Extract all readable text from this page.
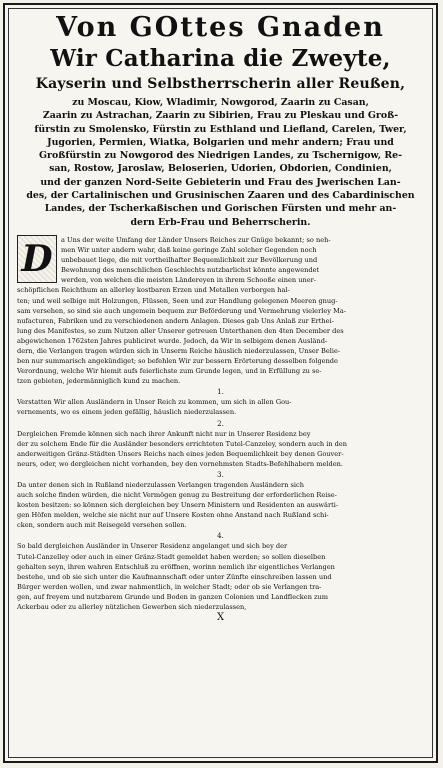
Von GOttes Gnaden
Wir Catharina die Zweyte,
Kayserin und Selbstherrscherin aller Reußen,
zu Moscau, Kiow, Wladimir, Nowgorod, Zaarin zu Casan,
Zaarin zu Astrachan, Zaarin zu Sibirien, Frau zu Pleskau und Groß-
fürstin zu Smolensko, Fürstin zu Esthland und Liefland, Carelen, Twer,
Jugorien, Permien, Wiatka, Bolgarien und mehr andern; Frau und
Großfürstin zu Nowgorod des Niedrigen Landes, zu Tschernigow, Re-
san, Rostow, Jaroslaw, Beloserien, Udorien, Obdorien, Condinien,
und der ganzen Nord-Seite Gebieterin und Frau des Jwerischen Lan-
des, der Cartalinischen und Grusinischen Zaaren und des Cabardinischen
Landes, der Tscherkaßischen und Gorischen Fürsten und mehr an-
dern Erb-Frau und Beherrscherin.
D	a Uns der weite Umfang der Länder Unsers Reiches zur Gnüge bekannt; so neh-
men Wir unter andern wahr, daß keine geringe Zahl solcher Gegenden noch
unbebauet liege, die mit vortheilhafter Bequemlichkeit zur Bevölkerung und
Bewohnung des menschlichen Geschlechts nutzbarlichst könnte angewendet
werden, von welchen die meisten Ländereyen in ihrem Schooße einen uner-
schöpflichen Reichthum an allerley kostbaren Erzen und Metallen verborgen hal-
ten; und weil selbige mit Holzungen, Flüssen, Seen und zur Handlung gelegenen Meeren gnug-
sam versehen, so sind sie auch ungemein bequem zur Beförderung und Vermehrung vielerley Ma-
nufacturen, Fabriken und zu verschiedenen andern Anlagen. Dieses gab Uns Anlaß zur Erthei-
lung des Manifestes, so zum Nutzen aller Unserer getreuen Unterthanen den 4ten December des
abgewichenen 1762sten Jahres publiciret wurde. Jedoch, da Wir in selbigem denen Ausländ-
dern, die Verlangen tragen würden sich in Unserm Reiche häuslich niederzulassen, Unser Belie-
ben nur summarisch angekündiget; so befehlen Wir zur bessern Erörterung desselben folgende
Verordnung, welche Wir hiemit aufs feierlichste zum Grunde legen, und in Erfüllung zu se-
tzen gebieten, jedermänniglich kund zu machen.
1.
Verstatten Wir allen Ausländern in Unser Reich zu kommen, um sich in allen Gou-
vernements, wo es einem jeden gefällig, häuslich niederzulassen.
2.
Dergleichen Fremde können sich nach ihrer Ankunft nicht nur in Unserer Residenz bey
der zu solchem Ende für die Ausländer besonders errichteten Tutel-Canzeley, sondern auch in den
anderweitigen Gränz-Städten Unsers Reichs nach eines jeden Bequemlichkeit bey denen Gouver-
neurs, oder, wo dergleichen nicht vorhanden, bey den vornehmsten Stadts-Befehlhabern melden.
3.
Da unter denen sich in Rußland niederzulassen Verlangen tragenden Ausländern sich
auch solche finden würden, die nicht Vermögen genug zu Bestreitung der erforderlichen Reise-
kosten besitzen: so können sich dergleichen bey Unsern Ministern und Residenten an auswärti-
gen Höfen melden, welche sie nicht nur auf Unsere Kosten ohne Anstand nach Rußland schi-
cken, sondern auch mit Reisegeld versehen sollen.
4.
So bald dergleichen Ausländer in Unserer Residenz angelanget und sich bey der
Tutel-Canzelley oder auch in einer Gränz-Stadt gemeldet haben werden; so sollen dieselben
gehalten seyn, ihren wahren Entschluß zu eröffnen, worinn nemlich ihr eigentliches Verlangen
bestehe, und ob sie sich unter die Kaufmannschaft oder unter Zünfte einschreiben lassen und
Bürger werden wollen, und zwar nahmentlich, in welcher Stadt; oder ob sie Verlangen tra-
gen, auf freyem und nutzbarem Grunde und Boden in ganzen Colonien und Landflecken zum
Ackerbau oder zu allerley nützlichen Gewerben sich niederzulassen,
X
